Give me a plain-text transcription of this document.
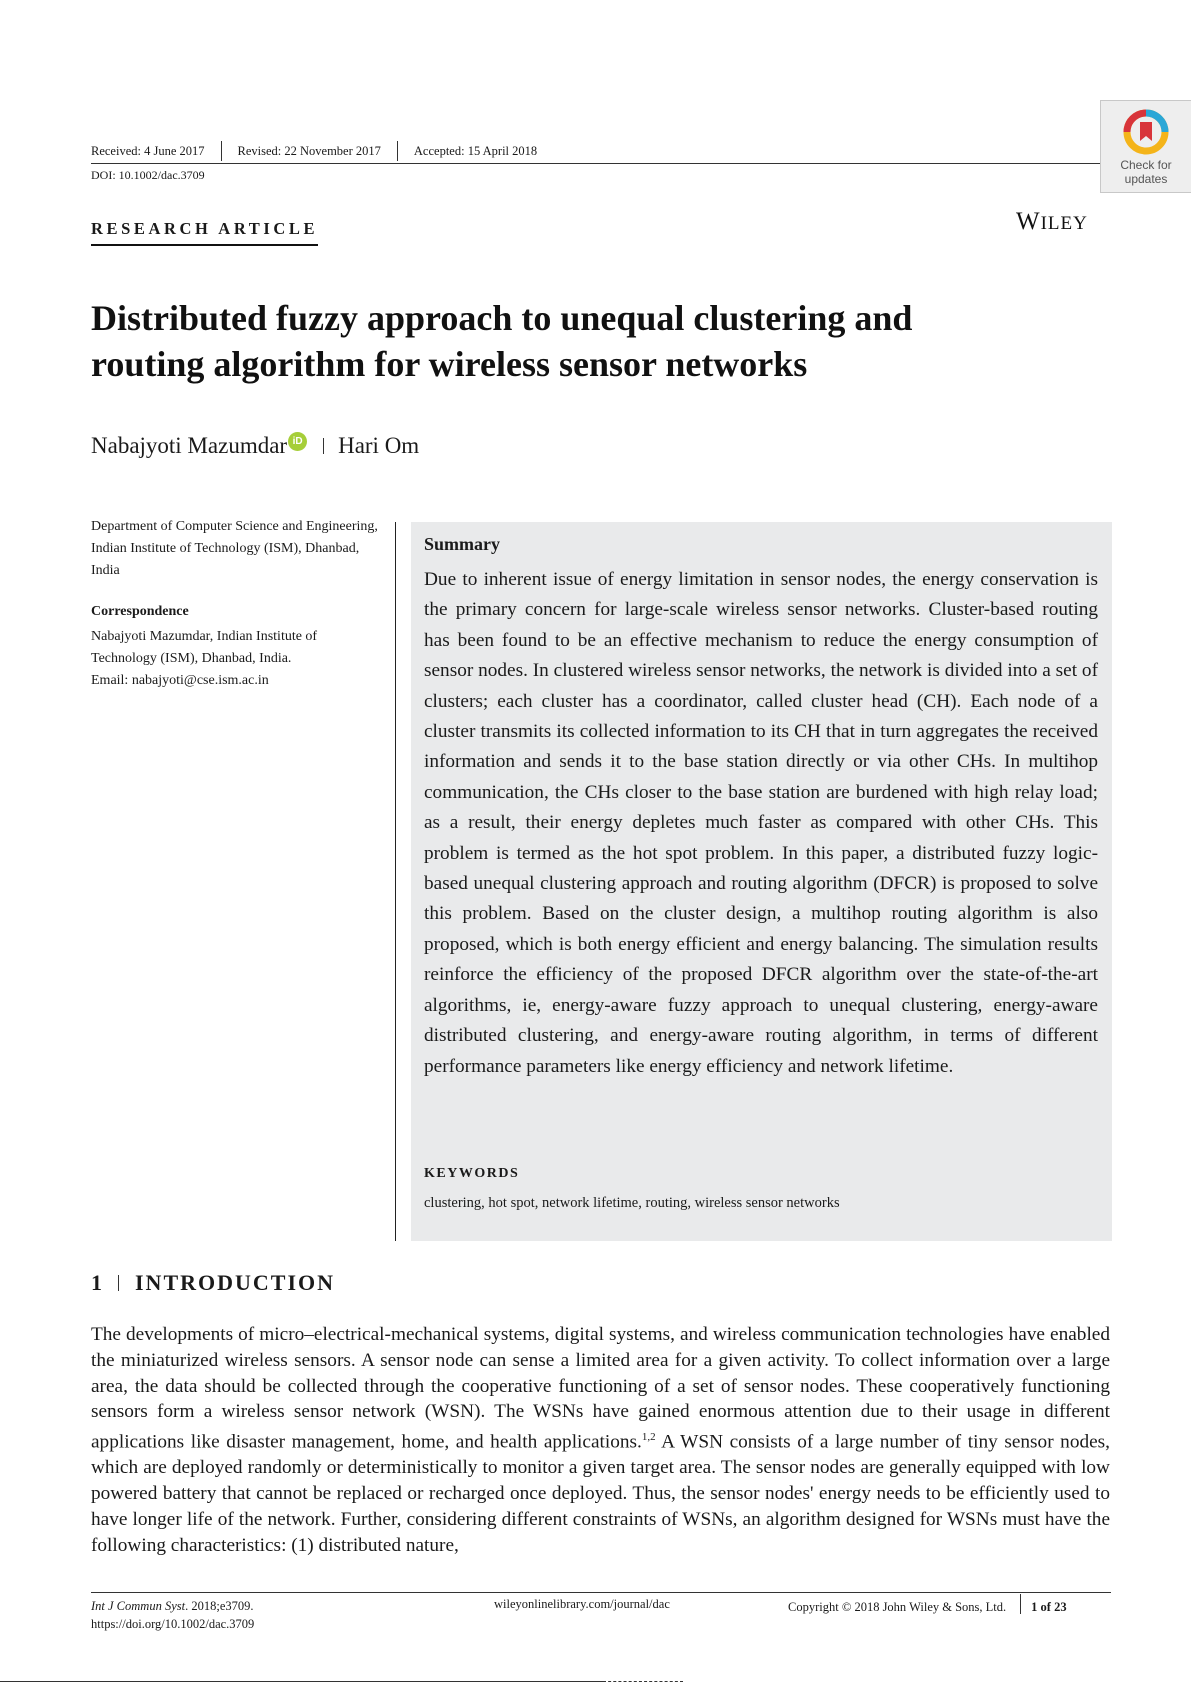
Received: 4 June 2017	Revised: 22 November 2017	Accepted: 15 April 2018
DOI: 10.1002/dac.3709
Check for
updates
WILEY
RESEARCH ARTICLE
Distributed fuzzy approach to unequal clustering and
routing algorithm for wireless sensor networks
Nabajyoti Mazumdar iD Hari Om
Department of Computer Science and Engineering, Indian Institute of Technology (ISM), Dhanbad, India
Correspondence
Nabajyoti Mazumdar, Indian Institute of Technology (ISM), Dhanbad, India.
Email: nabajyoti@cse.ism.ac.in
Summary

Due to inherent issue of energy limitation in sensor nodes, the energy conservation is the primary concern for large-scale wireless sensor networks. Cluster-based routing has been found to be an effective mechanism to reduce the energy consumption of sensor nodes. In clustered wireless sensor networks, the network is divided into a set of clusters; each cluster has a coordinator, called cluster head (CH). Each node of a cluster transmits its collected information to its CH that in turn aggregates the received information and sends it to the base station directly or via other CHs. In multihop communication, the CHs closer to the base station are burdened with high relay load; as a result, their energy depletes much faster as compared with other CHs. This problem is termed as the hot spot problem. In this paper, a distributed fuzzy logic-based unequal clustering approach and routing algorithm (DFCR) is proposed to solve this problem. Based on the cluster design, a multihop routing algorithm is also proposed, which is both energy efficient and energy balancing. The simulation results reinforce the efficiency of the proposed DFCR algorithm over the state-of-the-art algorithms, ie, energy-aware fuzzy approach to unequal clustering, energy-aware distributed clustering, and energy-aware routing algorithm, in terms of different performance parameters like energy efficiency and network lifetime.

KEYWORDS
clustering, hot spot, network lifetime, routing, wireless sensor networks
1 INTRODUCTION

The developments of micro–electrical-mechanical systems, digital systems, and wireless communication technologies have enabled the miniaturized wireless sensors. A sensor node can sense a limited area for a given activity. To collect information over a large area, the data should be collected through the cooperative functioning of a set of sensor nodes. These cooperatively functioning sensors form a wireless sensor network (WSN). The WSNs have gained enormous attention due to their usage in different applications like disaster management, home, and health applications.$^{1,2}$ A WSN consists of a large number of tiny sensor nodes, which are deployed randomly or deterministically to monitor a given target area. The sensor nodes are generally equipped with low powered battery that cannot be replaced or recharged once deployed. Thus, the sensor nodes' energy needs to be efficiently used to have longer life of the network. Further, considering different constraints of WSNs, an algorithm designed for WSNs must have the following characteristics: (1) distributed nature,

Int J Commun Syst. 2018;e3709.
https://doi.org/10.1002/dac.3709
wileyonlinelibrary.com/journal/dac	Copyright © 2018 John Wiley & Sons, Ltd. 1 of 23
